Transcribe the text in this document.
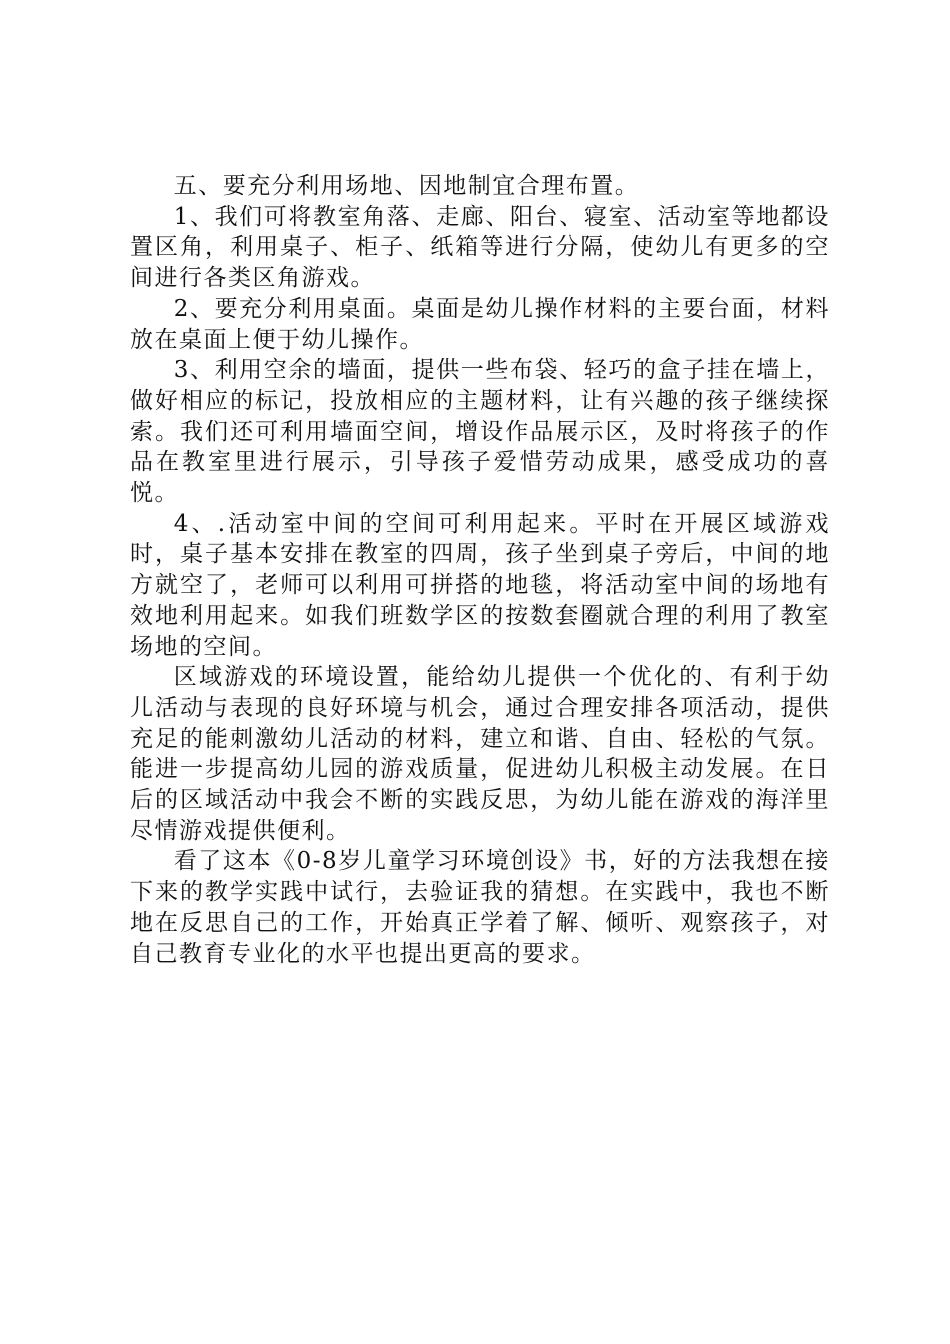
五、要充分利用场地、因地制宜合理布置。

1、我们可将教室角落、走廊、阳台、寝室、活动室等地都设置区角，利用桌子、柜子、纸箱等进行分隔，使幼儿有更多的空间进行各类区角游戏。

2、要充分利用桌面。桌面是幼儿操作材料的主要台面，材料放在桌面上便于幼儿操作。

3、利用空余的墙面，提供一些布袋、轻巧的盒子挂在墙上，做好相应的标记，投放相应的主题材料，让有兴趣的孩子继续探索。我们还可利用墙面空间，增设作品展示区，及时将孩子的作品在教室里进行展示，引导孩子爱惜劳动成果，感受成功的喜悦。

4、.活动室中间的空间可利用起来。平时在开展区域游戏时，桌子基本安排在教室的四周，孩子坐到桌子旁后，中间的地方就空了，老师可以利用可拼搭的地毯，将活动室中间的场地有效地利用起来。如我们班数学区的按数套圈就合理的利用了教室场地的空间。

区域游戏的环境设置，能给幼儿提供一个优化的、有利于幼儿活动与表现的良好环境与机会，通过合理安排各项活动，提供充足的能刺激幼儿活动的材料，建立和谐、自由、轻松的气氛。能进一步提高幼儿园的游戏质量，促进幼儿积极主动发展。在日后的区域活动中我会不断的实践反思，为幼儿能在游戏的海洋里尽情游戏提供便利。

看了这本《0-8岁儿童学习环境创设》书，好的方法我想在接下来的教学实践中试行，去验证我的猜想。在实践中，我也不断地在反思自己的工作，开始真正学着了解、倾听、观察孩子，对自己教育专业化的水平也提出更高的要求。
